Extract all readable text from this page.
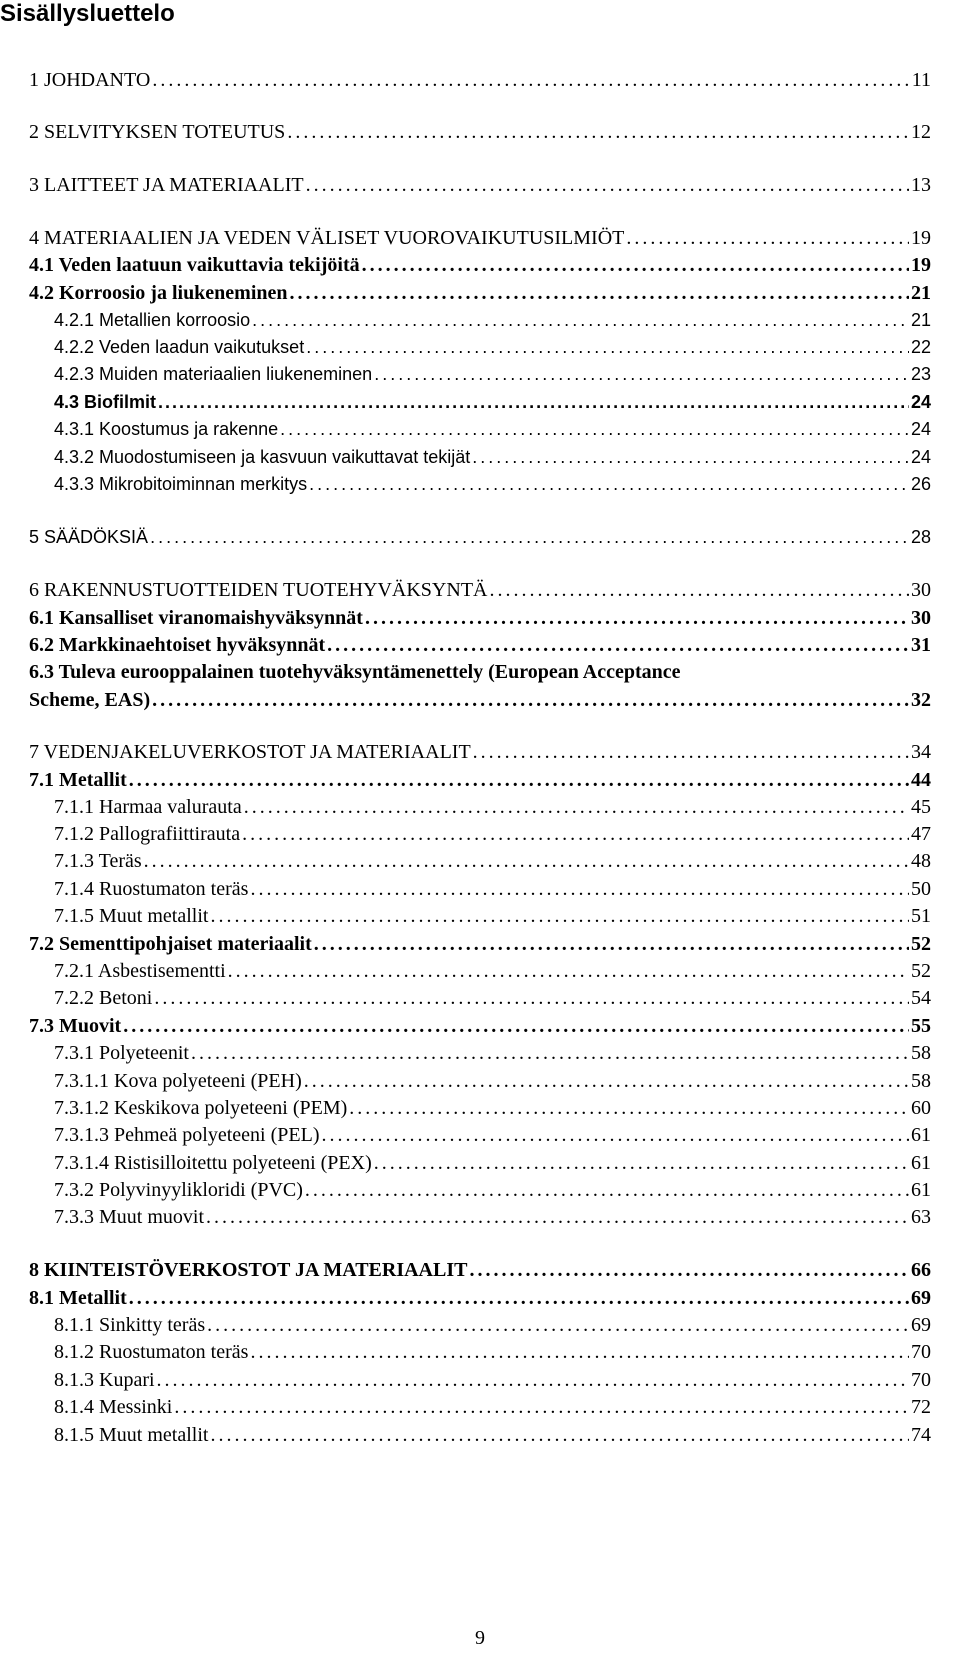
Sisällysluettelo
1 JOHDANTO . . .	11
2 SELVITYKSEN TOTEUTUS . . .	12
3 LAITTEET JA MATERIAALIT . . .	13
4 MATERIAALIEN JA VEDEN VÄLISET VUOROVAIKUTUSILMIÖT . . .	19
4.1 Veden laatuun vaikuttavia tekijöitä . . .	19
4.2 Korroosio ja liukeneminen . . .	21
4.2.1 Metallien korroosio . . .	21
4.2.2 Veden laadun vaikutukset . . .	22
4.2.3 Muiden materiaalien liukeneminen . . .	23
4.3 Biofilmit . . .	24
4.3.1 Koostumus ja rakenne . . .	24
4.3.2 Muodostumiseen ja kasvuun vaikuttavat tekijät . . .	24
4.3.3 Mikrobitoiminnan merkitys . . .	26
5 SÄÄDÖKSIÄ . . .	28
6 RAKENNUSTUOTTEIDEN TUOTEHYVÄKSYNTÄ . . .	30
6.1 Kansalliset viranomaishyväksynnät . . .	30
6.2 Markkinaehtoiset hyväksynnät . . .	31
6.3 Tuleva eurooppalainen tuotehyväksyntämenettely (European Acceptance
Scheme, EAS) . . .	32
7 VEDENJAKELUVERKOSTOT JA MATERIAALIT . . .	34
7.1 Metallit . . .	44
7.1.1 Harmaa valurauta . . .	45
7.1.2 Pallografiittirauta . . .	47
7.1.3 Teräs . . .	48
7.1.4 Ruostumaton teräs . . .	50
7.1.5 Muut metallit . . .	51
7.2 Sementtipohjaiset materiaalit . . .	52
7.2.1 Asbestisementti . . .	52
7.2.2 Betoni . . .	54
7.3 Muovit . . .	55
7.3.1 Polyeteenit . . .	58
7.3.1.1 Kova polyeteeni (PEH) . . .	58
7.3.1.2 Keskikova polyeteeni (PEM) . . .	60
7.3.1.3 Pehmeä polyeteeni (PEL) . . .	61
7.3.1.4 Ristisilloitettu polyeteeni (PEX) . . .	61
7.3.2 Polyvinyylikloridi (PVC) . . .	61
7.3.3 Muut muovit . . .	63
8 KIINTEISTÖVERKOSTOT JA MATERIAALIT . . .	66
8.1 Metallit . . .	69
8.1.1 Sinkitty teräs . . .	69
8.1.2 Ruostumaton teräs . . .	70
8.1.3 Kupari . . .	70
8.1.4 Messinki . . .	72
8.1.5 Muut metallit . . .	74
9
